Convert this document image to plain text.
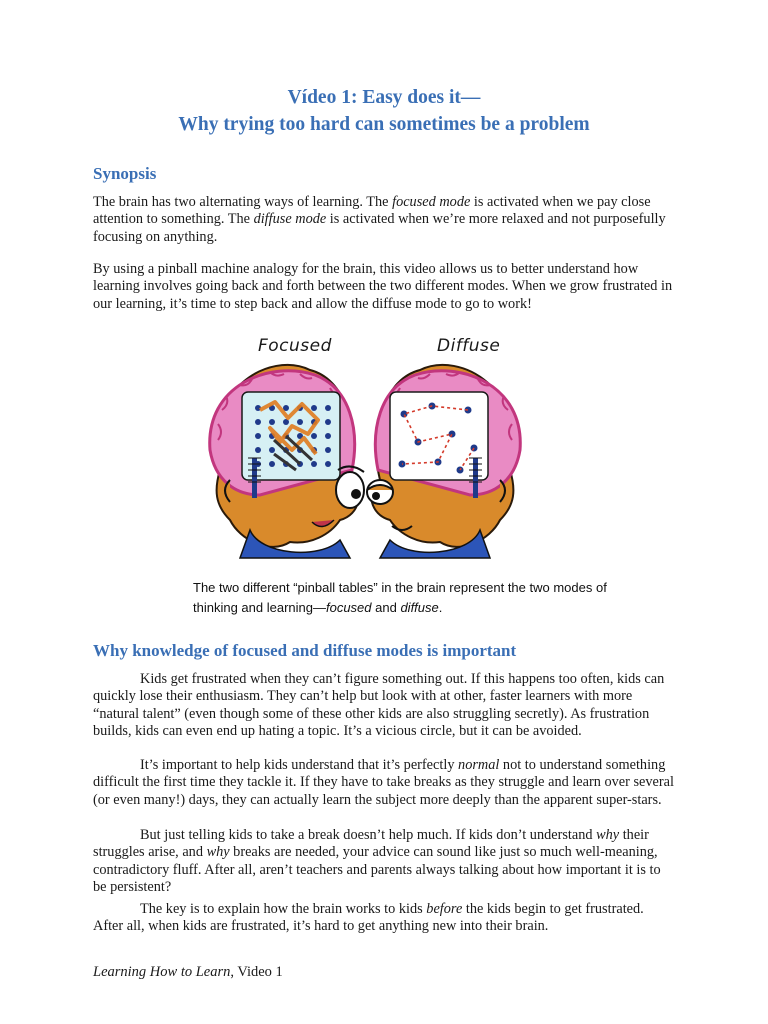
Vídeo 1: Easy does it—
Why trying too hard can sometimes be a problem
Synopsis

The brain has two alternating ways of learning. The focused mode is activated when we pay close attention to something. The diffuse mode is activated when we’re more relaxed and not purposefully focusing on anything.

By using a pinball machine analogy for the brain, this video allows us to better understand how learning involves going back and forth between the two different modes. When we grow frustrated in our learning, it’s time to step back and allow the diffuse mode to go to work!

Focused	Diffuse
The two different “pinball tables” in the brain represent the two modes of thinking and learning—focused and diffuse.
Why knowledge of focused and diffuse modes is important

Kids get frustrated when they can’t figure something out. If this happens too often, kids can quickly lose their enthusiasm. They can’t help but look with at other, faster learners with more “natural talent” (even though some of these other kids are also struggling secretly). As frustration builds, kids can even end up hating a topic. It’s a vicious circle, but it can be avoided.

It’s important to help kids understand that it’s perfectly normal not to understand something difficult the first time they tackle it. If they have to take breaks as they struggle and learn over several (or even many!) days, they can actually learn the subject more deeply than the apparent super-stars.

But just telling kids to take a break doesn’t help much. If kids don’t understand why their struggles arise, and why breaks are needed, your advice can sound like just so much well-meaning, contradictory fluff. After all, aren’t teachers and parents always talking about how important it is to be persistent?

The key is to explain how the brain works to kids before the kids begin to get frustrated. After all, when kids are frustrated, it’s hard to get anything new into their brain.

Learning How to Learn, Video 1
